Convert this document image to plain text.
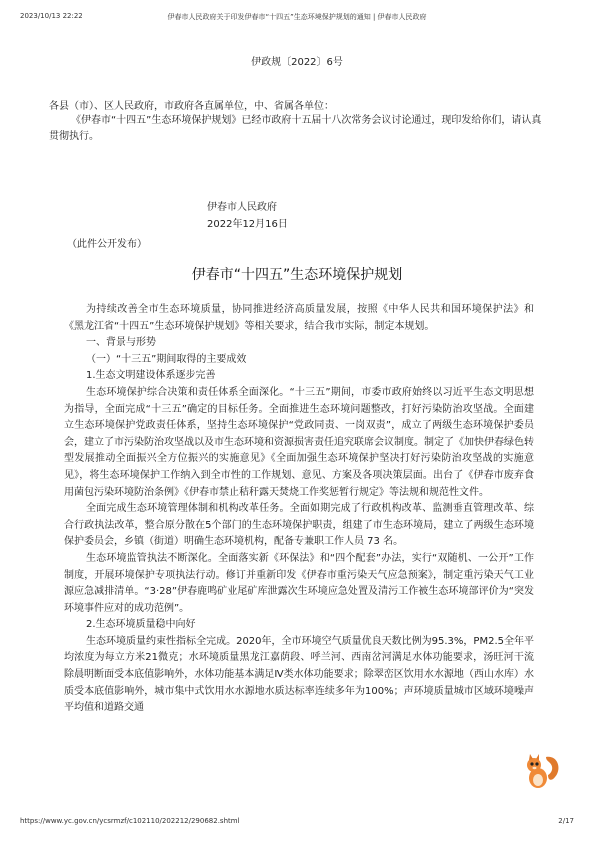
2023/10/13 22:22	伊春市人民政府关于印发伊春市“十四五”生态环境保护规划的通知 | 伊春市人民政府
伊政规〔2022〕6号
各县（市）、区人民政府，市政府各直属单位，中、省属各单位：
《伊春市“十四五”生态环境保护规划》已经市政府十五届十八次常务会议讨论通过，现印发给你们，请认真贯彻执行。
伊春市人民政府
2022年12月16日
（此件公开发布）
伊春市“十四五”生态环境保护规划

为持续改善全市生态环境质量，协同推进经济高质量发展，按照《中华人民共和国环境保护法》和《黑龙江省“十四五”生态环境保护规划》等相关要求，结合我市实际，制定本规划。

一、背景与形势

（一）“十三五”期间取得的主要成效

1.生态文明建设体系逐步完善

生态环境保护综合决策和责任体系全面深化。“十三五”期间，市委市政府始终以习近平生态文明思想为指导，全面完成“十三五”确定的目标任务。全面推进生态环境问题整改，打好污染防治攻坚战。全面建立生态环境保护党政责任体系，坚持生态环境保护“党政同责、一岗双责”，成立了两级生态环境保护委员会，建立了市污染防治攻坚战以及市生态环境和资源损害责任追究联席会议制度。制定了《加快伊春绿色转型发展推动全面振兴全方位振兴的实施意见》《全面加强生态环境保护坚决打好污染防治攻坚战的实施意见》，将生态环境保护工作纳入到全市性的工作规划、意见、方案及各项决策层面。出台了《伊春市废弃食用菌包污染环境防治条例》《伊春市禁止秸秆露天焚烧工作奖惩暂行规定》等法规和规范性文件。

全面完成生态环境管理体制和机构改革任务。全面如期完成了行政机构改革、监测垂直管理改革、综合行政执法改革，整合原分散在5个部门的生态环境保护职责，组建了市生态环境局，建立了两级生态环境保护委员会，乡镇（街道）明确生态环境机构，配备专兼职工作人员 73 名。

生态环境监管执法不断深化。全面落实新《环保法》和“四个配套”办法，实行“双随机、一公开”工作制度，开展环境保护专项执法行动。修订并重新印发《伊春市重污染天气应急预案》，制定重污染天气工业源应急减排清单。“3·28”伊春鹿鸣矿业尾矿库泄露次生环境应急处置及清污工作被生态环境部评价为“突发环境事件应对的成功范例”。

2.生态环境质量稳中向好

生态环境质量约束性指标全完成。2020年，全市环境空气质量优良天数比例为95.3%，PM2.5全年平均浓度为每立方米21微克；水环境质量黑龙江嘉荫段、呼兰河、西南岔河满足水体功能要求，汤旺河干流除晨明断面受本底值影响外，水体功能基本满足Ⅳ类水体功能要求；除翠峦区饮用水水源地（西山水库）水质受本底值影响外，城市集中式饮用水水源地水质达标率连续多年为100%；声环境质量城市区域环境噪声平均值和道路交通

https://www.yc.gov.cn/ycsrmzf/c102110/202212/290682.shtml	2/17
